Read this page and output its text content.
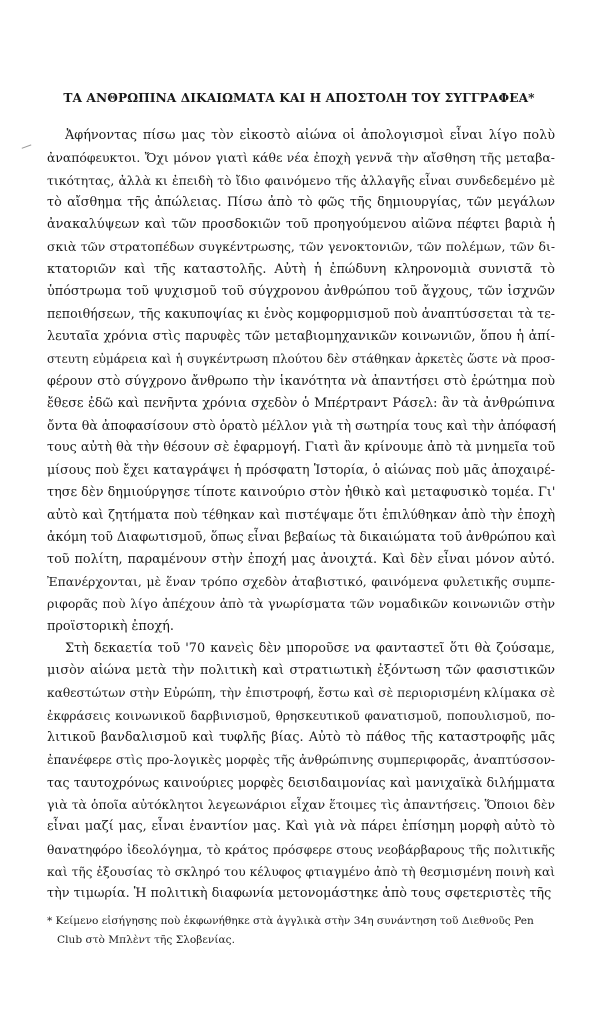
ΤΑ ΑΝΘΡΩΠΙΝΑ ΔΙΚΑΙΩΜΑΤΑ ΚΑΙ Η ΑΠΟΣΤΟΛΗ ΤΟΥ ΣΥΓΓΡΑΦΕΑ*
Ἀφήνοντας πίσω μας τὸν εἰκοστὸ αἰώνα οἱ ἀπολογισμοὶ εἶναι λίγο πολὺ
ἀναπόφευκτοι. Ὄχι μόνον γιατὶ κάθε νέα ἐποχὴ γεννᾶ τὴν αἴσθηση τῆς μεταβα-
τικότητας, ἀλλὰ κι ἐπειδὴ τὸ ἴδιο φαινόμενο τῆς ἀλλαγῆς εἶναι συνδεδεμένο μὲ
τὸ αἴσθημα τῆς ἀπώλειας. Πίσω ἀπὸ τὸ φῶς τῆς δημιουργίας, τῶν μεγάλων
ἀνακαλύψεων καὶ τῶν προσδοκιῶν τοῦ προηγούμενου αἰῶνα πέφτει βαριὰ ἡ
σκιὰ τῶν στρατοπέδων συγκέντρωσης, τῶν γενοκτονιῶν, τῶν πολέμων, τῶν δι-
κτατοριῶν καὶ τῆς καταστολῆς. Αὐτὴ ἡ ἐπώδυνη κληρονομιὰ συνιστᾶ τὸ
ὑπόστρωμα τοῦ ψυχισμοῦ τοῦ σύγχρονου ἀνθρώπου τοῦ ἄγχους, τῶν ἰσχνῶν
πεποιθήσεων, τῆς κακυποψίας κι ἑνὸς κομφορμισμοῦ ποὺ ἀναπτύσσεται τὰ τε-
λευταῖα χρόνια στὶς παρυφὲς τῶν μεταβιομηχανικῶν κοινωνιῶν, ὅπου ἡ ἀπί-
στευτη εὐμάρεια καὶ ἡ συγκέντρωση πλούτου δὲν στάθηκαν ἀρκετὲς ὥστε νὰ προσ-
φέρουν στὸ σύγχρονο ἄνθρωπο τὴν ἱκανότητα νὰ ἀπαντήσει στὸ ἐρώτημα ποὺ
ἔθεσε ἐδῶ καὶ πενῆντα χρόνια σχεδὸν ὁ Μπέρτραντ Ράσελ: ἂν τὰ ἀνθρώπινα
ὄντα θὰ ἀποφασίσουν στὸ ὁρατὸ μέλλον γιὰ τὴ σωτηρία τους καὶ τὴν ἀπόφασή
τους αὐτὴ θὰ τὴν θέσουν σὲ ἐφαρμογή. Γιατὶ ἂν κρίνουμε ἀπὸ τὰ μνημεῖα τοῦ
μίσους ποὺ ἔχει καταγράψει ἡ πρόσφατη Ἱστορία, ὁ αἰώνας ποὺ μᾶς ἀποχαιρέ-
τησε δὲν δημιούργησε τίποτε καινούριο στὸν ἠθικὸ καὶ μεταφυσικὸ τομέα. Γι'
αὐτὸ καὶ ζητήματα ποὺ τέθηκαν καὶ πιστέψαμε ὅτι ἐπιλύθηκαν ἀπὸ τὴν ἐποχὴ
ἀκόμη τοῦ Διαφωτισμοῦ, ὅπως εἶναι βεβαίως τὰ δικαιώματα τοῦ ἀνθρώπου καὶ
τοῦ πολίτη, παραμένουν στὴν ἐποχή μας ἀνοιχτά. Καὶ δὲν εἶναι μόνον αὐτό.
Ἐπανέρχονται, μὲ ἕναν τρόπο σχεδὸν ἀταβιστικό, φαινόμενα φυλετικῆς συμπε-
ριφορᾶς ποὺ λίγο ἀπέχουν ἀπὸ τὰ γνωρίσματα τῶν νομαδικῶν κοινωνιῶν στὴν
προϊστορικὴ ἐποχή.
Στὴ δεκαετία τοῦ '70 κανεὶς δὲν μποροῦσε να φανταστεῖ ὅτι θὰ ζούσαμε,
μισὸν αἰώνα μετὰ τὴν πολιτικὴ καὶ στρατιωτικὴ ἐξόντωση τῶν φασιστικῶν
καθεστώτων στὴν Εὐρώπη, τὴν ἐπιστροφή, ἔστω καὶ σὲ περιορισμένη κλίμακα σὲ
ἐκφράσεις κοινωνικοῦ δαρβινισμοῦ, θρησκευτικοῦ φανατισμοῦ, ποπουλισμοῦ, πο-
λιτικοῦ βανδαλισμοῦ καὶ τυφλῆς βίας. Αὐτὸ τὸ πάθος τῆς καταστροφῆς μᾶς
ἐπανέφερε στὶς προ-λογικὲς μορφὲς τῆς ἀνθρώπινης συμπεριφορᾶς, ἀναπτύσσον-
τας ταυτοχρόνως καινούριες μορφὲς δεισιδαιμονίας καὶ μανιχαϊκὰ διλήμματα
γιὰ τὰ ὁποῖα αὐτόκλητοι λεγεωνάριοι εἶχαν ἕτοιμες τὶς ἀπαντήσεις. Ὅποιοι δὲν
εἶναι μαζί μας, εἶναι ἐναντίον μας. Καὶ γιὰ νὰ πάρει ἐπίσημη μορφὴ αὐτὸ τὸ
θανατηφόρο ἰδεολόγημα, τὸ κράτος πρόσφερε στους νεοβάρβαρους τῆς πολιτικῆς
καὶ τῆς ἐξουσίας τὸ σκληρό του κέλυφος φτιαγμένο ἀπὸ τὴ θεσμισμένη ποινὴ καὶ
τὴν τιμωρία. Ἡ πολιτικὴ διαφωνία μετονομάστηκε ἀπὸ τους σφετεριστὲς τῆς
* Κείμενο εἰσήγησης ποὺ ἐκφωνήθηκε στὰ ἀγγλικὰ στὴν 34η συνάντηση τοῦ Διεθνοῦς Pen
Club στὸ Μπλὲντ τῆς Σλοβενίας.
